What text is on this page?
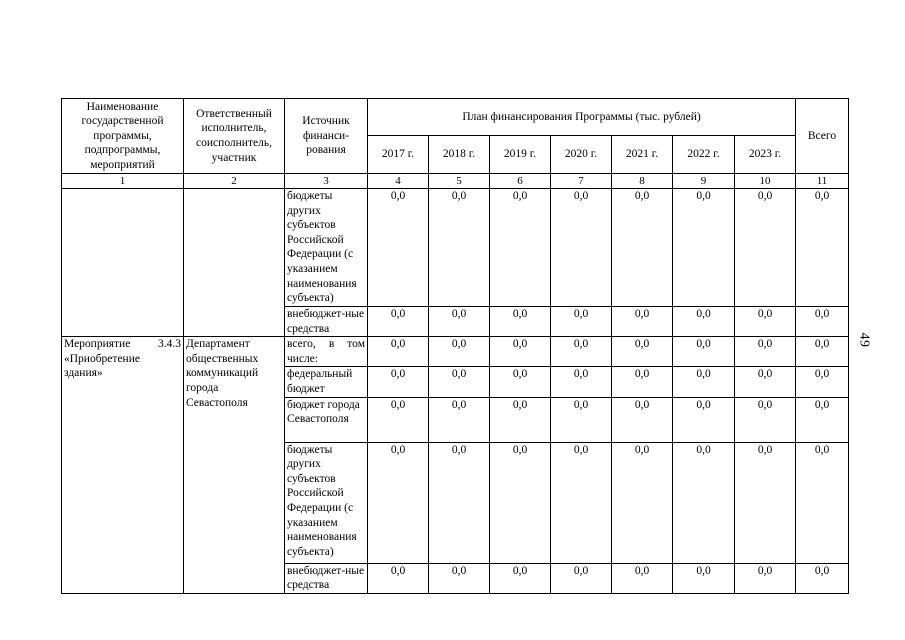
Наименование государственной программы, подпрограммы, мероприятий	Ответственный исполнитель, соисполнитель, участник	Источник финанси-рования	План финансирования Программы (тыс. рублей)							Всего
			2017 г.	2018 г.	2019 г.	2020 г.	2021 г.	2022 г.	2023 г.	
1	2	3	4	5	6	7	8	9	10	11
		бюджеты других субъектов Российской Федерации (с указанием наименования субъекта)	0,0	0,0	0,0	0,0	0,0	0,0	0,0	0,0
		внебюджет-ные средства	0,0	0,0	0,0	0,0	0,0	0,0	0,0	0,0
Мероприятие 3.4.3 «Приобретение здания»	Департамент общественных коммуникаций города Севастополя	всего, в том числе:	0,0	0,0	0,0	0,0	0,0	0,0	0,0	0,0
		федеральный бюджет	0,0	0,0	0,0	0,0	0,0	0,0	0,0	0,0
		бюджет города Севастополя	0,0	0,0	0,0	0,0	0,0	0,0	0,0	0,0
		бюджеты других субъектов Российской Федерации (с указанием наименования субъекта)	0,0	0,0	0,0	0,0	0,0	0,0	0,0	0,0
		внебюджет-ные средства	0,0	0,0	0,0	0,0	0,0	0,0	0,0	0,0
49
